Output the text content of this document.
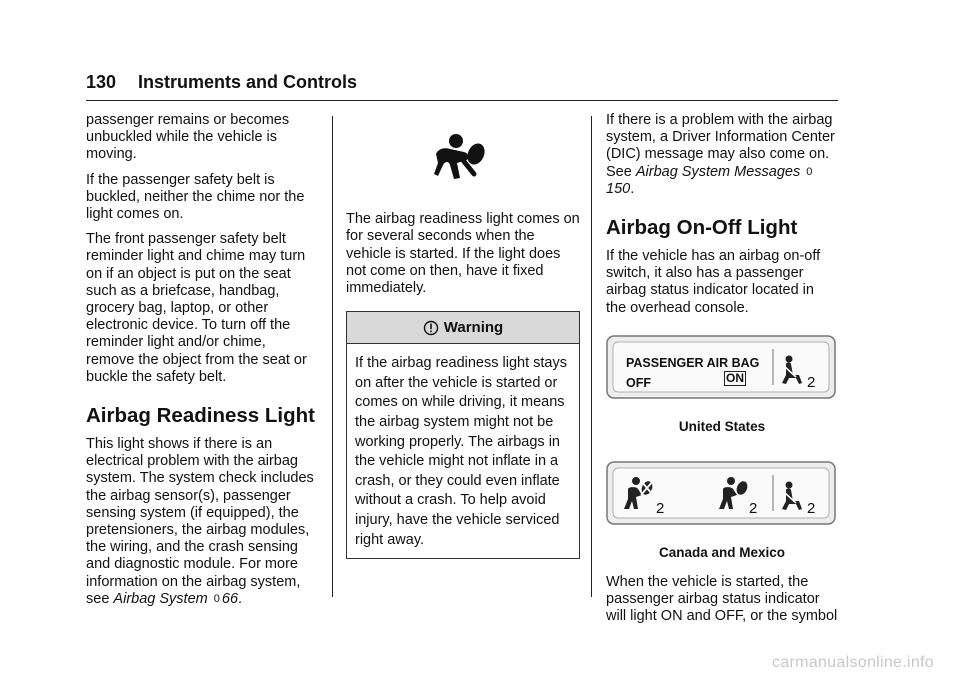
130 Instruments and Controls

passenger remains or becomes unbuckled while the vehicle is moving.

If the passenger safety belt is buckled, neither the chime nor the light comes on.

The front passenger safety belt reminder light and chime may turn on if an object is put on the seat such as a briefcase, handbag, grocery bag, laptop, or other electronic device. To turn off the reminder light and/or chime, remove the object from the seat or buckle the safety belt.

Airbag Readiness Light

This light shows if there is an electrical problem with the airbag system. The system check includes the airbag sensor(s), passenger sensing system (if equipped), the pretensioners, the airbag modules, the wiring, and the crash sensing and diagnostic module. For more information on the airbag system, see Airbag System 0 66.

The airbag readiness light comes on for several seconds when the vehicle is started. If the light does not come on then, have it fixed immediately.

Warning
If the airbag readiness light stays on after the vehicle is started or comes on while driving, it means the airbag system might not be working properly. The airbags in the vehicle might not inflate in a crash, or they could even inflate without a crash. To help avoid injury, have the vehicle serviced right away.

If there is a problem with the airbag system, a Driver Information Center (DIC) message may also come on. See Airbag System Messages 0150.

Airbag On-Off Light

If the vehicle has an airbag on-off switch, it also has a passenger airbag status indicator located in the overhead console.

PASSENGER AIR BAG
OFF	ON	2
United States
2	2	2
Canada and Mexico

When the vehicle is started, the passenger airbag status indicator will light ON and OFF, or the symbol

carmanualsonline.info
